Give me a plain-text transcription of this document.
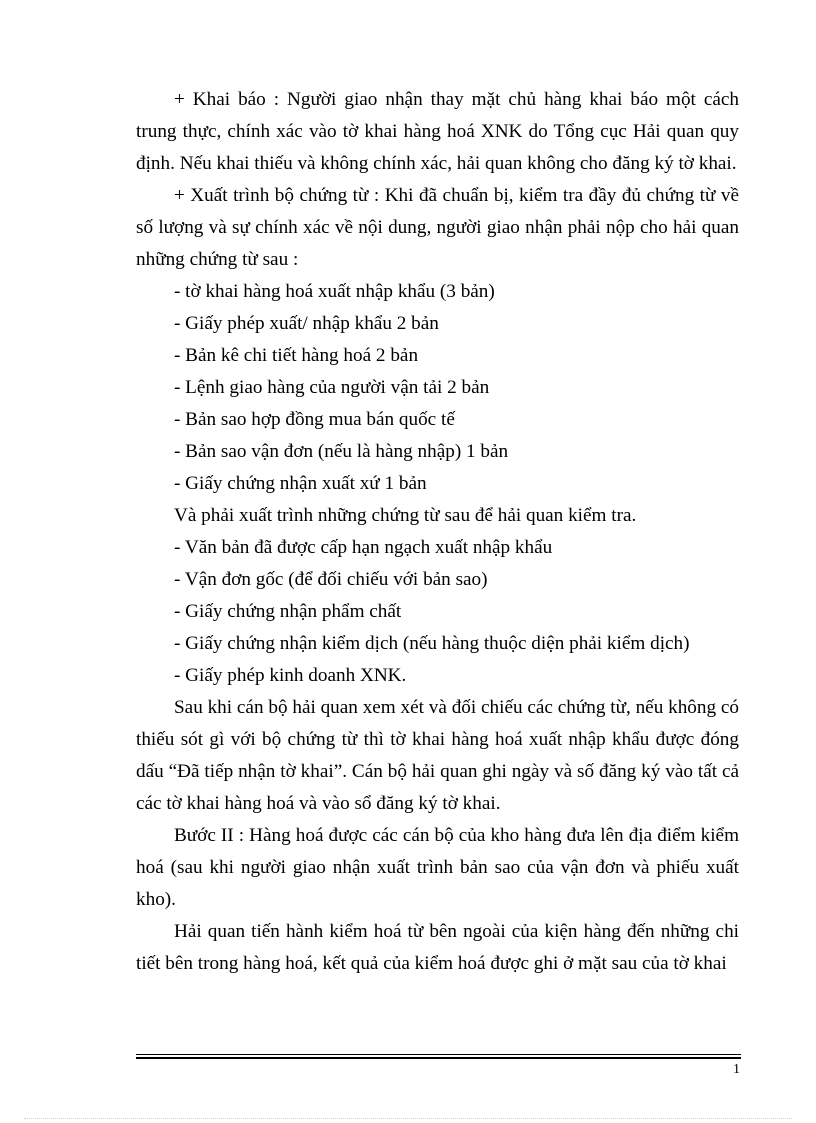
+ Khai báo : Người giao nhận thay mặt chủ hàng khai báo một cách trung thực, chính xác vào tờ khai hàng hoá XNK do Tổng cục Hải quan quy định. Nếu khai thiếu và không chính xác, hải quan không cho đăng ký tờ khai.

+ Xuất trình bộ chứng từ : Khi đã chuẩn bị, kiểm tra đầy đủ chứng từ về số lượng và sự chính xác về nội dung, người giao nhận phải nộp cho hải quan những chứng từ sau :

- tờ khai hàng hoá xuất nhập khẩu (3 bản)

- Giấy phép xuất/ nhập khẩu 2 bản

- Bản kê chi tiết hàng hoá 2 bản

- Lệnh giao hàng của người vận tải 2 bản

- Bản sao hợp đồng mua bán quốc tế

- Bản sao vận đơn (nếu là hàng nhập) 1 bản

- Giấy chứng nhận xuất xứ 1 bản

Và phải xuất trình những chứng từ sau để hải quan kiểm tra.

- Văn bản đã được cấp hạn ngạch xuất nhập khẩu

- Vận đơn gốc (để đối chiếu với bản sao)

- Giấy chứng nhận phẩm chất

- Giấy chứng nhận kiểm dịch (nếu hàng thuộc diện phải kiểm dịch)

- Giấy phép kinh doanh XNK.

Sau khi cán bộ hải quan xem xét và đối chiếu các chứng từ, nếu không có thiếu sót gì với bộ chứng từ thì tờ khai hàng hoá xuất nhập khẩu được đóng dấu “Đã tiếp nhận tờ khai”. Cán bộ hải quan ghi ngày và số đăng ký vào tất cả các tờ khai hàng hoá và vào sổ đăng ký tờ khai.

Bước II : Hàng hoá được các cán bộ của kho hàng đưa lên địa điểm kiểm hoá (sau khi người giao nhận xuất trình bản sao của vận đơn và phiếu xuất kho).

Hải quan tiến hành kiểm hoá từ bên ngoài của kiện hàng đến những chi tiết bên trong hàng hoá, kết quả của kiểm hoá được ghi ở mặt sau của tờ khai

1
